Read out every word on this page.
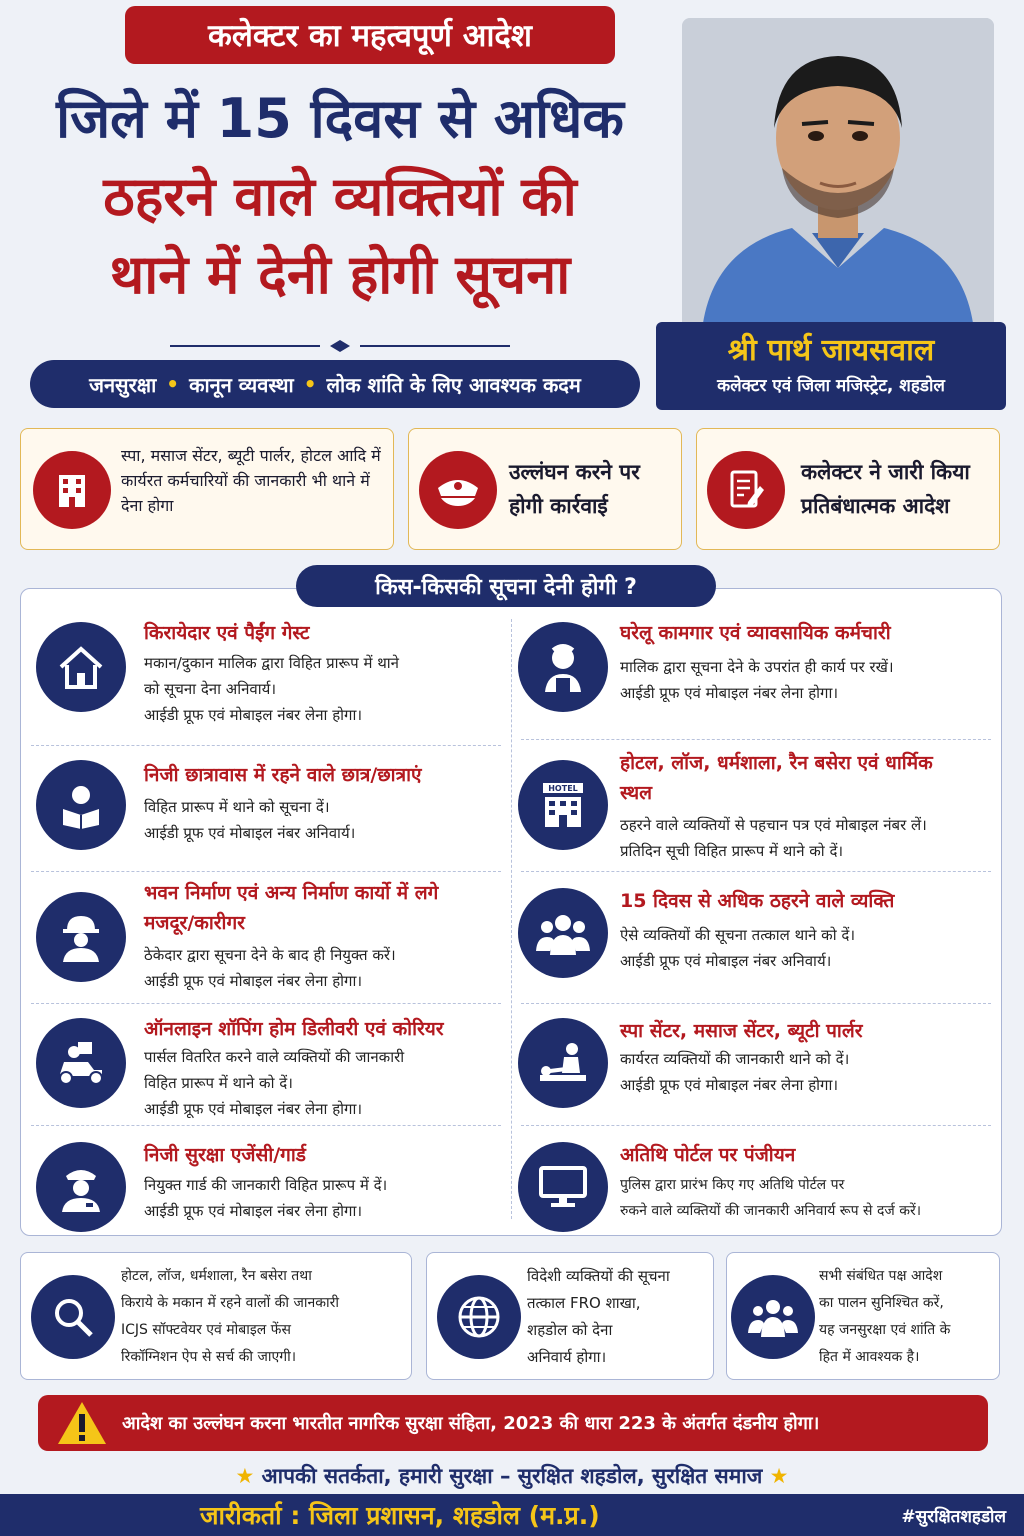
कलेक्टर का महत्वपूर्ण आदेश
जिले में 15 दिवस से अधिक
ठहरने वाले व्यक्तियों की
थाने में देनी होगी सूचना
जनसुरक्षा • कानून व्यवस्था • लोक शांति के लिए आवश्यक कदम
श्री पार्थ जायसवाल
कलेक्टर एवं जिला मजिस्ट्रेट, शहडोल
स्पा, मसाज सेंटर, ब्यूटी पार्लर, होटल आदि में कार्यरत कर्मचारियों की जानकारी भी थाने में देना होगा
उल्लंघन करने पर होगी कार्रवाई
कलेक्टर ने जारी किया प्रतिबंधात्मक आदेश
किस-किसकी सूचना देनी होगी ?
किरायेदार एवं पैईंग गेस्ट
मकान/दुकान मालिक द्वारा विहित प्रारूप में थाने
को सूचना देना अनिवार्य।
आईडी प्रूफ एवं मोबाइल नंबर लेना होगा।
निजी छात्रावास में रहने वाले छात्र/छात्राएं
विहित प्रारूप में थाने को सूचना दें।
आईडी प्रूफ एवं मोबाइल नंबर अनिवार्य।
भवन निर्माण एवं अन्य निर्माण कार्यो में लगे मजदूर/कारीगर
ठेकेदार द्वारा सूचना देने के बाद ही नियुक्त करें।
आईडी प्रूफ एवं मोबाइल नंबर लेना होगा।
ऑनलाइन शॉपिंग होम डिलीवरी एवं कोरियर
पार्सल वितरित करने वाले व्यक्तियों की जानकारी
विहित प्रारूप में थाने को दें।
आईडी प्रूफ एवं मोबाइल नंबर लेना होगा।
निजी सुरक्षा एजेंसी/गार्ड
नियुक्त गार्ड की जानकारी विहित प्रारूप में दें।
आईडी प्रूफ एवं मोबाइल नंबर लेना होगा।
घरेलू कामगार एवं व्यावसायिक कर्मचारी
मालिक द्वारा सूचना देने के उपरांत ही कार्य पर रखें।
आईडी प्रूफ एवं मोबाइल नंबर लेना होगा।
HOTEL
होटल, लॉज, धर्मशाला, रैन बसेरा एवं धार्मिक स्थल
ठहरने वाले व्यक्तियों से पहचान पत्र एवं मोबाइल नंबर लें।
प्रतिदिन सूची विहित प्रारूप में थाने को दें।
15 दिवस से अधिक ठहरने वाले व्यक्ति
ऐसे व्यक्तियों की सूचना तत्काल थाने को दें।
आईडी प्रूफ एवं मोबाइल नंबर अनिवार्य।
स्पा सेंटर, मसाज सेंटर, ब्यूटी पार्लर
कार्यरत व्यक्तियों की जानकारी थाने को दें।
आईडी प्रूफ एवं मोबाइल नंबर लेना होगा।
अतिथि पोर्टल पर पंजीयन
पुलिस द्वारा प्रारंभ किए गए अतिथि पोर्टल पर
रुकने वाले व्यक्तियों की जानकारी अनिवार्य रूप से दर्ज करें।
होटल, लॉज, धर्मशाला, रैन बसेरा तथा
किराये के मकान में रहने वालों की जानकारी
ICJS सॉफ्टवेयर एवं मोबाइल फेंस
रिकॉग्निशन ऐप से सर्च की जाएगी।
विदेशी व्यक्तियों की सूचना
तत्काल FRO शाखा,
शहडोल को देना
अनिवार्य होगा।
सभी संबंधित पक्ष आदेश
का पालन सुनिश्चित करें,
यह जनसुरक्षा एवं शांति के
हित में आवश्यक है।
आदेश का उल्लंघन करना भारतीत नागरिक सुरक्षा संहिता, 2023 की धारा 223 के अंतर्गत दंडनीय होगा।
★ आपकी सतर्कता, हमारी सुरक्षा – सुरक्षित शहडोल, सुरक्षित समाज ★
जारीकर्ता : जिला प्रशासन, शहडोल (म.प्र.)	#सुरक्षितशहडोल
